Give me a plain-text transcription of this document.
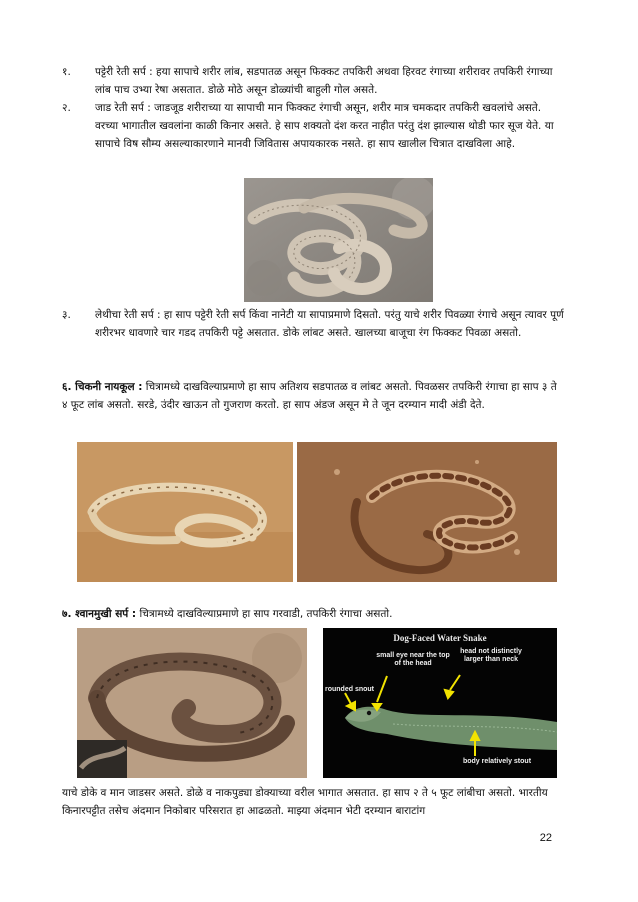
१. पट्टेरी रेती सर्प : हया सापाचे शरीर लांब, सडपातळ असून फिक्कट तपकिरी अथवा हिरवट रंगाच्या शरीरावर तपकिरी रंगाच्या लांब पाच उभ्या रेषा असतात. डोळे मोठे असून डोळ्यांची बाहुली गोल असते.
२. जाड रेती सर्प : जाडजूड शरीराच्या या सापाची मान फिक्कट रंगाची असून, शरीर मात्र चमकदार तपकिरी खवलांचे असते. वरच्या भागातील खवलांना काळी किनार असते. हे साप शक्यतो दंश करत नाहीत परंतु दंश झाल्यास थोडी फार सूज येते. या सापाचे विष सौम्य असल्याकारणाने मानवी जिवितास अपायकारक नसते. हा साप खालील चित्रात दाखविला आहे.
३. लेथीचा रेती सर्प : हा साप पट्टेरी रेती सर्प किंवा नानेटी या सापाप्रमाणे दिसतो. परंतु याचे शरीर पिवळ्या रंगाचे असून त्यावर पूर्ण शरीरभर धावणारे चार गडद तपकिरी पट्टे असतात. डोके लांबट असते. खालच्या बाजूचा रंग फिक्कट पिवळा असतो.
६. चिकनी नायकूल : चित्रामध्ये दाखविल्याप्रमाणे हा साप अतिशय सडपातळ व लांबट असतो. पिवळसर तपकिरी रंगाचा हा साप ३ ते ४ फूट लांब असतो. सरडे, उंदीर खाऊन तो गुजराण करतो. हा साप अंडज असून मे ते जून दरम्यान मादी अंडी देते.
७. श्वानमुखी सर्प : चित्रामध्ये दाखविल्याप्रमाणे हा साप गरवाडी, तपकिरी रंगाचा असतो.
Dog-Faced Water Snake
small eye near the top of the head
head not distinctly larger than neck
rounded snout
body relatively stout
याचे डोके व मान जाडसर असते. डोळे व नाकपुड्या डोक्याच्या वरील भागात असतात. हा साप २ ते ५ फूट लांबीचा असतो. भारतीय किनारपट्टीत तसेच अंदमान निकोबार परिसरात हा आढळतो. माझ्या अंदमान भेटी दरम्यान बाराटांग
22
